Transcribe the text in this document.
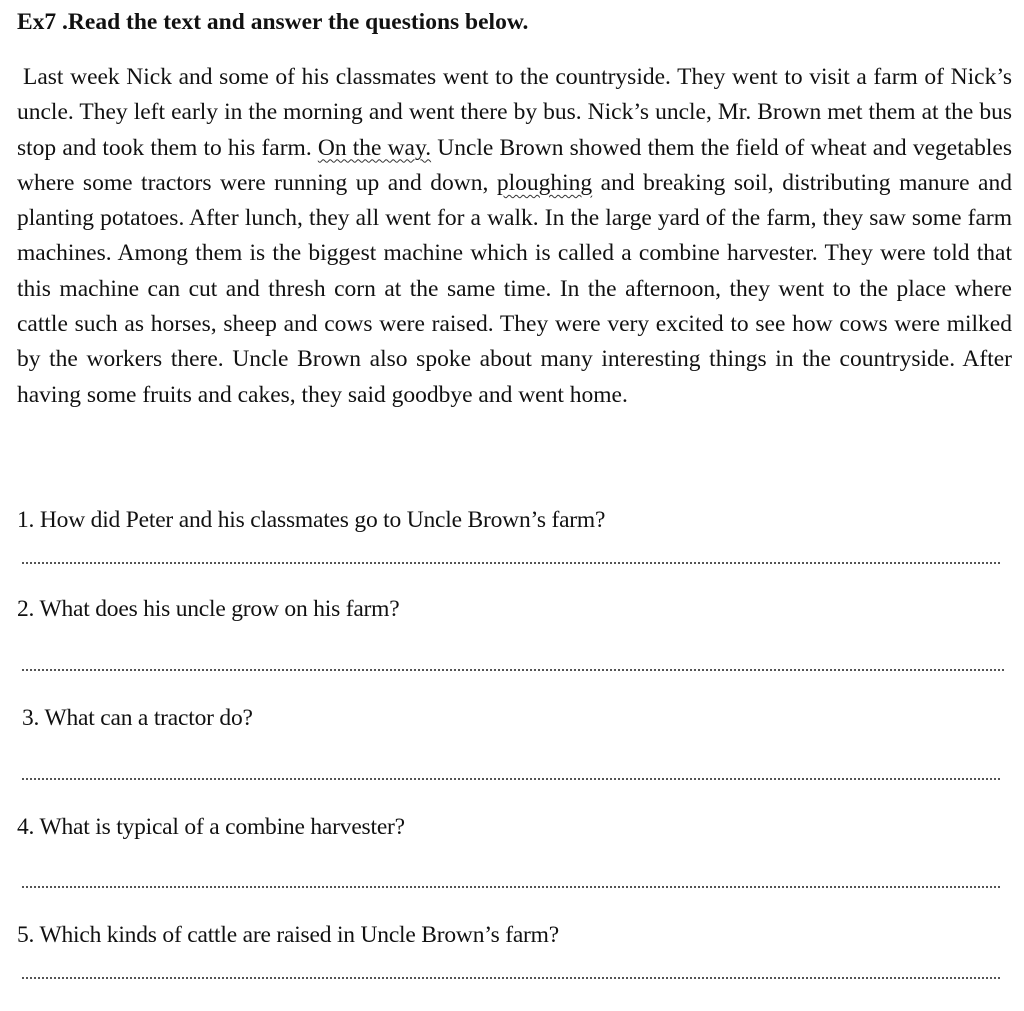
Ex7 .Read the text and answer the questions below.
Last week Nick and some of his classmates went to the countryside. They went to visit a farm of Nick’s uncle. They left early in the morning and went there by bus. Nick’s uncle, Mr. Brown met them at the bus stop and took them to his farm. On the way. Uncle Brown showed them the field of wheat and vegetables where some tractors were running up and down, ploughing and breaking soil, distributing manure and planting potatoes. After lunch, they all went for a walk. In the large yard of the farm, they saw some farm machines. Among them is the biggest machine which is called a combine harvester. They were told that this machine can cut and thresh corn at the same time. In the afternoon, they went to the place where cattle such as horses, sheep and cows were raised. They were very excited to see how cows were milked by the workers there. Uncle Brown also spoke about many interesting things in the countryside. After having some fruits and cakes, they said goodbye and went home.
1. How did Peter and his classmates go to Uncle Brown’s farm?
2. What does his uncle grow on his farm?
3. What can a tractor do?
4. What is typical of a combine harvester?
5. Which kinds of cattle are raised in Uncle Brown’s farm?
